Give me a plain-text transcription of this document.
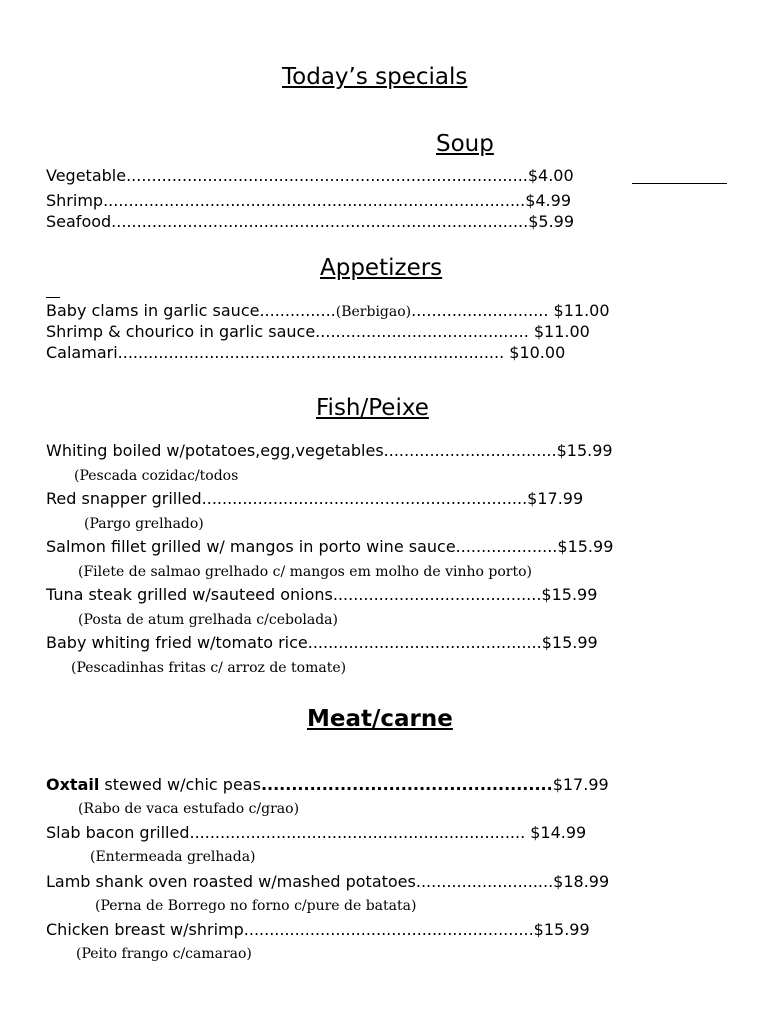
Today’s specials
Soup
Vegetable...............................................................................$4.00
Shrimp...................................................................................$4.99
Seafood..................................................................................$5.99
Appetizers
Baby clams in garlic sauce...............(Berbigao)........................... $11.00
Shrimp & chourico in garlic sauce.......................................... $11.00
Calamari............................................................................ $10.00
Fish/Peixe
Whiting boiled w/potatoes,egg,vegetables..................................$15.99
(Pescada cozidac/todos
Red snapper grilled................................................................$17.99
(Pargo grelhado)
Salmon fillet grilled w/ mangos in porto wine sauce....................$15.99
(Filete de salmao grelhado c/ mangos em molho de vinho porto)
Tuna steak grilled w/sauteed onions.........................................$15.99
(Posta de atum grelhada c/cebolada)
Baby whiting fried w/tomato rice..............................................$15.99
(Pescadinhas fritas c/ arroz de tomate)
Meat/carne
Oxtail stewed w/chic peas................................................$17.99
(Rabo de vaca estufado c/grao)
Slab bacon grilled.................................................................. $14.99
(Entermeada grelhada)
Lamb shank oven roasted w/mashed potatoes...........................$18.99
(Perna de Borrego no forno c/pure de batata)
Chicken breast w/shrimp.........................................................$15.99
(Peito frango c/camarao)
